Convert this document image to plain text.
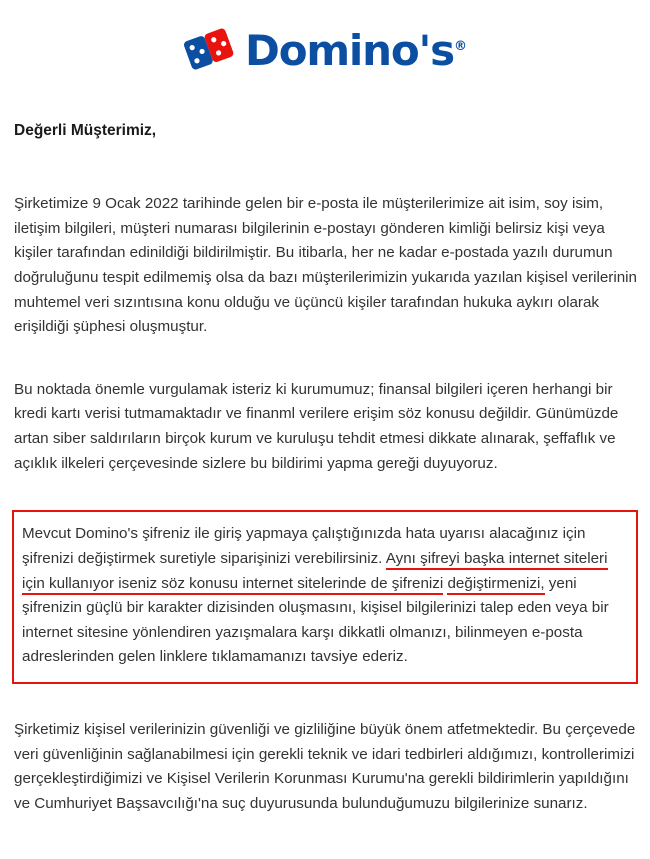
Domino's®
Değerli Müşterimiz,

Şirketimize 9 Ocak 2022 tarihinde gelen bir e-posta ile müşterilerimize ait isim, soy isim, iletişim bilgileri, müşteri numarası bilgilerinin e-postayı gönderen kimliği belirsiz kişi veya kişiler tarafından edinildiği bildirilmiştir. Bu itibarla, her ne kadar e-postada yazılı durumun doğruluğunu tespit edilmemiş olsa da bazı müşterilerimizin yukarıda yazılan kişisel verilerinin muhtemel veri sızıntısına konu olduğu ve üçüncü kişiler tarafından hukuka aykırı olarak erişildiği şüphesi oluşmuştur.

Bu noktada önemle vurgulamak isteriz ki kurumumuz; finansal bilgileri içeren herhangi bir kredi kartı verisi tutmamaktadır ve finanml verilere erişim söz konusu değildir. Günümüzde artan siber saldırıların birçok kurum ve kuruluşu tehdit etmesi dikkate alınarak, şeffaflık ve açıklık ilkeleri çerçevesinde sizlere bu bildirimi yapma gereği duyuyoruz.

Mevcut Domino's şifreniz ile giriş yapmaya çalıştığınızda hata uyarısı alacağınız için şifrenizi değiştirmek suretiyle siparişinizi verebilirsiniz. Aynı şifreyi başka internet siteleri için kullanıyor iseniz söz konusu internet sitelerinde de şifrenizi değiştirmenizi, yeni şifrenizin güçlü bir karakter dizisinden oluşmasını, kişisel bilgilerinizi talep eden veya bir internet sitesine yönlendiren yazışmalara karşı dikkatli olmanızı, bilinmeyen e-posta adreslerinden gelen linklere tıklamamanızı tavsiye ederiz.

Şirketimiz kişisel verilerinizin güvenliği ve gizliliğine büyük önem atfetmektedir. Bu çerçevede veri güvenliğinin sağlanabilmesi için gerekli teknik ve idari tedbirleri aldığımızı, kontrollerimizi gerçekleştirdiğimizi ve Kişisel Verilerin Korunması Kurumu'na gerekli bildirimlerin yapıldığını ve Cumhuriyet Başsavcılığı'na suç duyurusunda bulunduğumuzu bilgilerinize sunarız.
